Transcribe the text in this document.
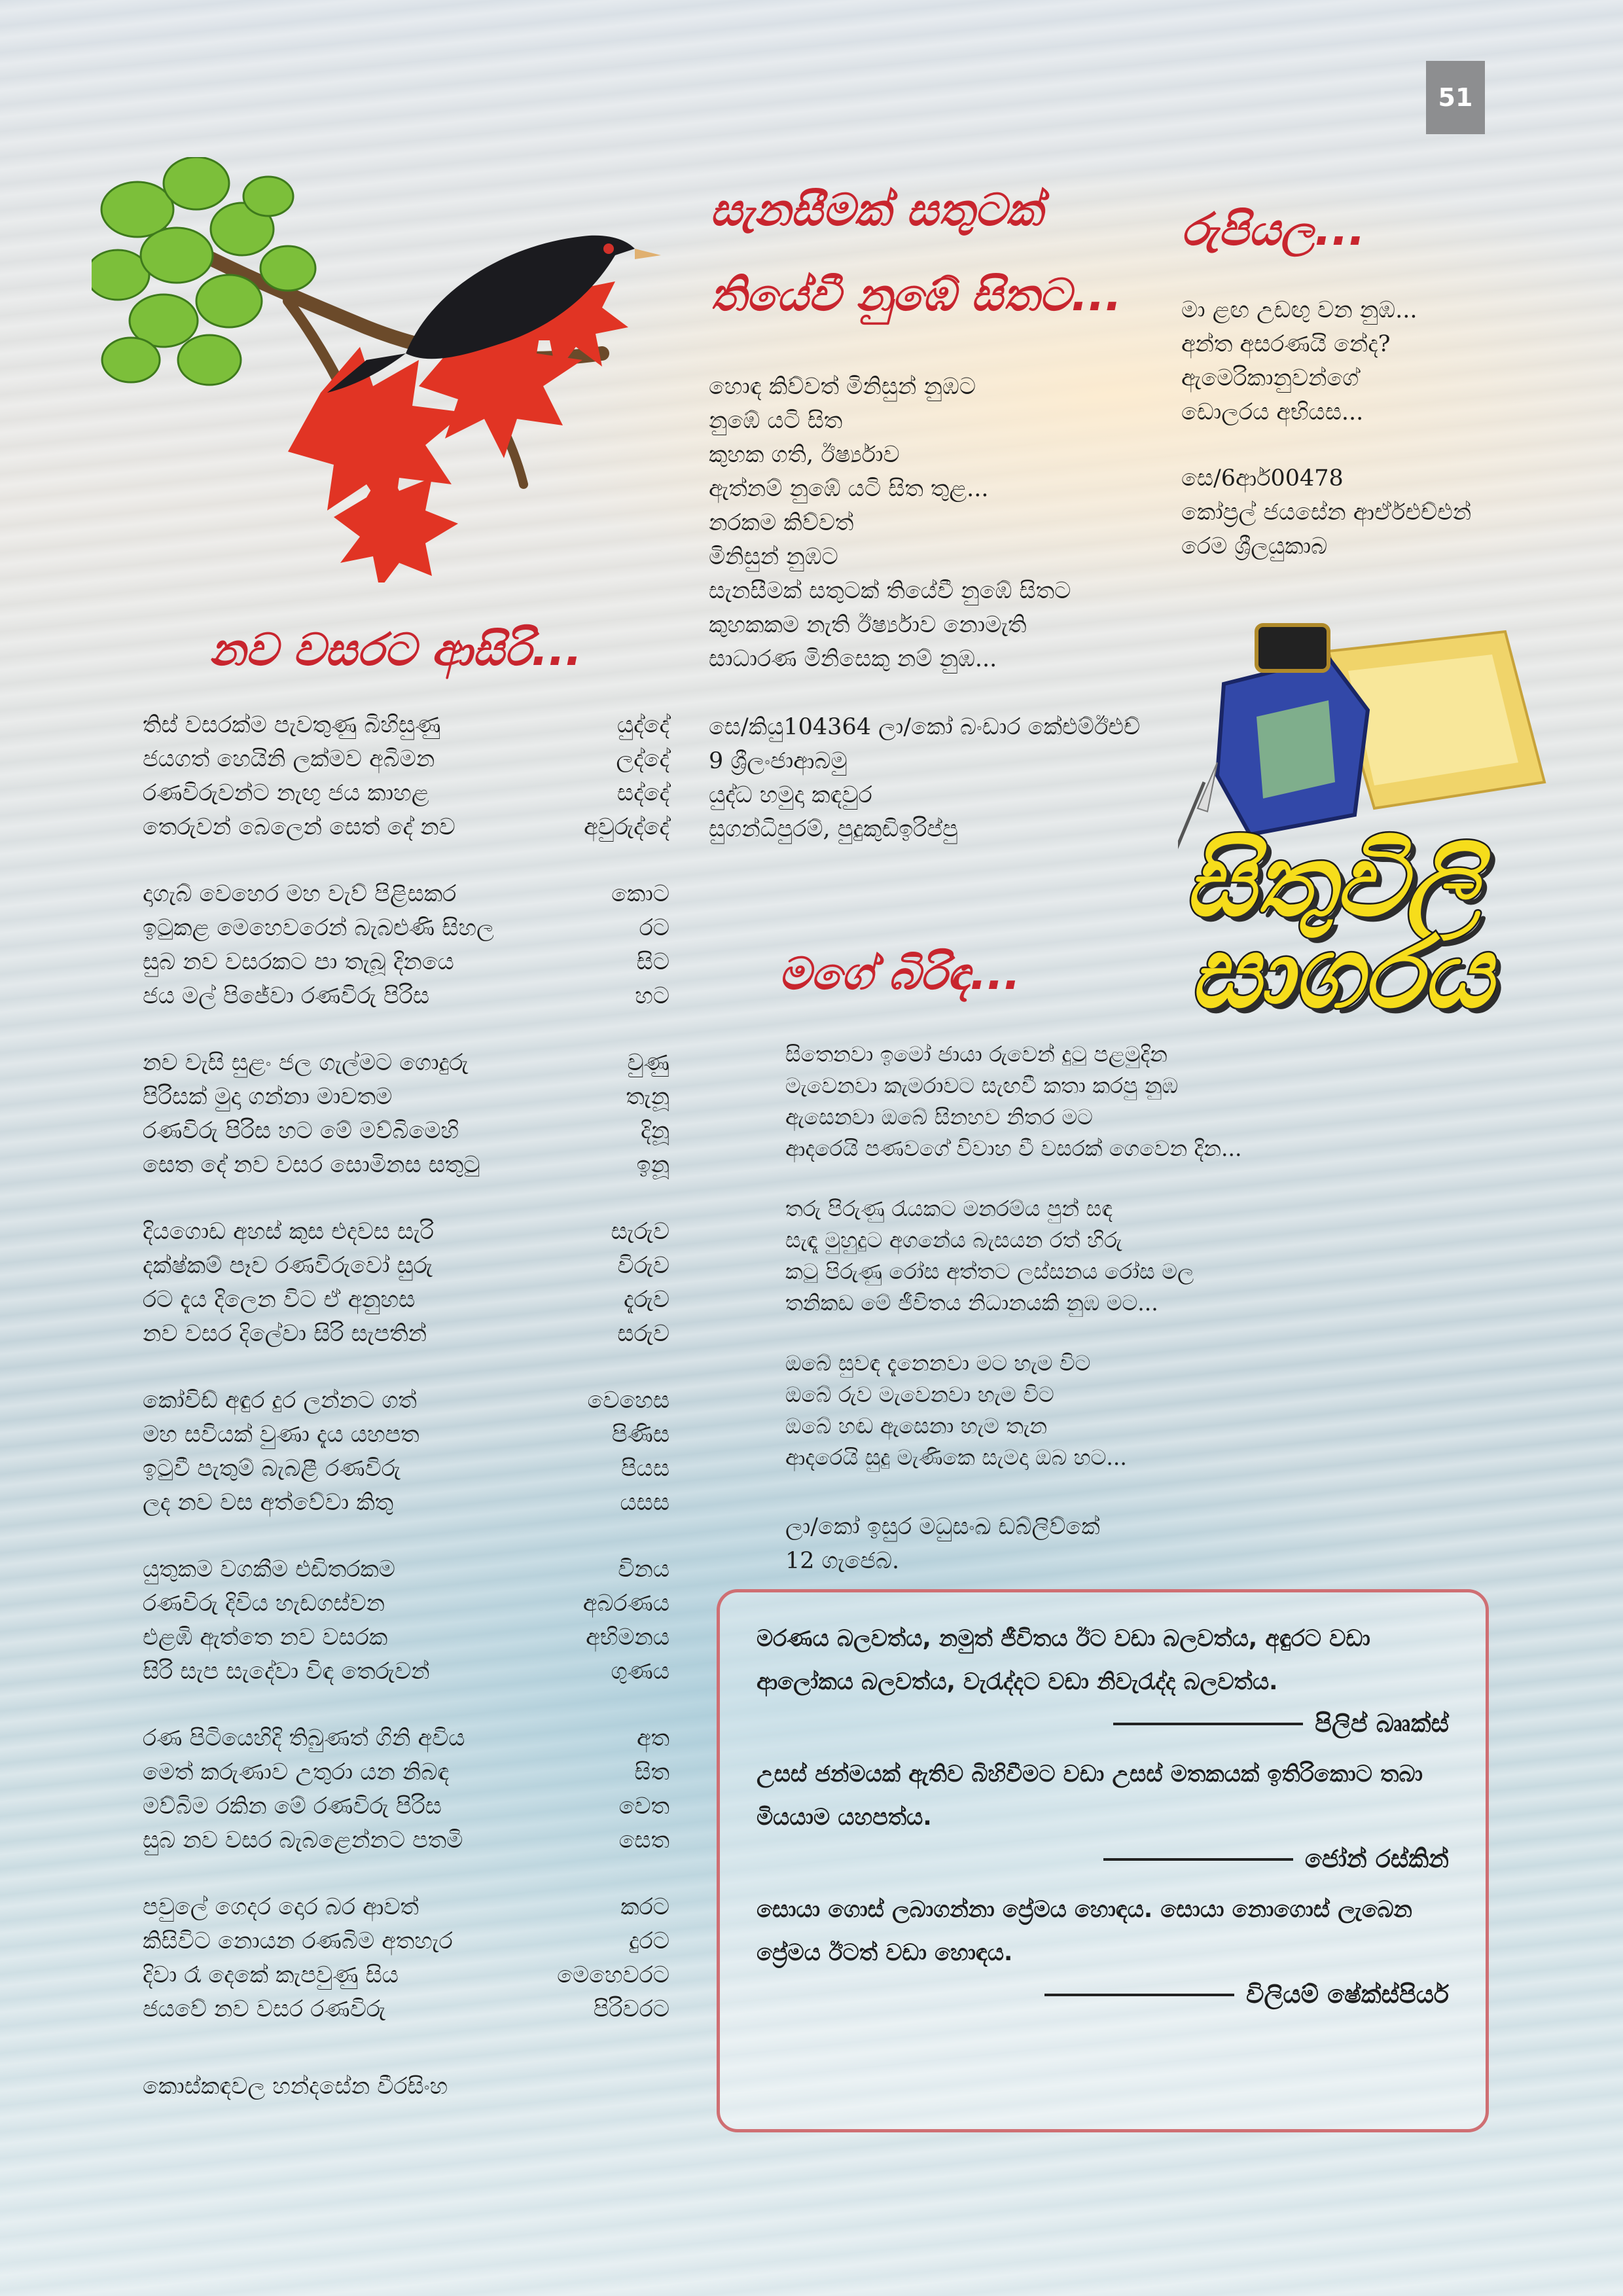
51
නව වසරට ආසිරි...
තිස් වසරක්ම පැවතුණු බිහිසුණු	යුද්දේ
ජයගත් හෙයිනි ලක්මව අබිමන	ලද්දේ
රණවිරුවන්ට නැඟු ජය කාහළ	සද්දේ
තෙරුවන් බෙලෙන් සෙත් දේ නව	අවුරුද්දේ
දාගැබ් වෙහෙර මහ වැව් පිළිසකර	කොට
ඉටුකළ මෙහෙවරෙන් බැබළුණි සිහල	රට
සුබ නව වසරකට පා තැබූ දිනයෙ	සිට
ජය මල් පිජේවා රණවිරු පිරිස	හට
නව වැසි සුළං ජල ගැල්මට ගොදුරු	වුණු
පිරිසක් මුදා ගන්නා මාවතම	තැනූ
රණවිරු පිරිස හට මේ මව්බිමෙහි	දිනූ
සෙත දේ නව වසර සොමිනස සතුටු	ඉනූ
දියගොඩ අහස් කුස එදවස සැරි	සැරුව
දක්ෂ්කම් පෑව රණවිරුවෝ සුරු	විරුව
රට දැය දිලෙන විට ඒ අනුහස	දැරුව
නව වසර දිලේවා සිරි සැපතින්	සරුව
කෝවිඩ් අඳුර දුර ලන්නට ගත්	වෙහෙස
මහ සවියක් වුණා දැය යහපත	පිණිස
ඉටුවී පැතුම් බැබළී රණවිරු	පියස
ලද නව වස අත්වේවා කිතු	යසස
යුතුකම වගකීම එඩිතරකම	විනය
රණවිරු දිවිය හැඩගස්වන	අබරණය
එළඹි ඇත්තෙ නව වසරක	අභිමනය
සිරි සැප සැදේවා විඳ තෙරුවන්	ගුණය
රණ පිටියෙහිදි තිබුණත් ගිනි අවිය	අත
මෙත් කරුණාව උතුරා යන නිබඳ	සිත
මව්බිම රකින මේ රණවිරු පිරිස	වෙත
සුබ නව වසර බැබළෙන්නට පතමි	සෙත
පවුලේ ගෙදර දොර බර ආවත්	කරට
කිසිවිට නොයන රණබිම අතහැර	දුරට
දිවා රෑ දෙකේ කැපවුණු සිය	මෙහෙවරට
ජයවේ නව වසර රණවිරු	පිරිවරට
කොස්කඳවල හන්දසේන වීරසිංහ
සැනසීමක් සතුටක්
තියේවී නුඹේ සිතට...
හොඳ කිව්වත් මිනිසුන් නුඹට
නුඹේ යටි සිත
කුහක ගති, ඊර්ෂ්‍යාව
ඇත්නම් නුඹේ යටි සිත තුළ...
නරකම කිව්වත්
මිනිසුන් නුඹට
සැනසීමක් සතුටක් තියේවී නුඹේ සිතට
කුහකකම නැති ඊර්ෂ්‍යාව නොමැති
සාධාරණ මිනිසෙකු නම් නුඹ...
සෙ/කියු104364 ලා/කෝ බංඩාර කේඑම්ඊඑච්
9 ශ්‍රීලංජාආබමු
යුද්ධ හමුදා කඳවුර
සුගන්ධිපුරම්, පුදුකුඩිඉරිප්පු
රුපියල...
මා ළඟ උඩඟු වන නුඹ...
අන්ත අසරණයි නේද?
ඇමෙරිකානුවන්ගේ
ඩොලරය අභියස...
සෙ/6ආර්00478
කෝප්‍රල් ජයසේන ආර්ඒඑච්එන්
රෙම ශ්‍රීලයුකාබ
සිතුවිලි
සාගරය
මගේ බිරිඳ...
සිතෙනවා ඉමෝ ජායා රුවෙන් දුටු පළමුදින
මැවෙනවා කැමරාවට සැඟවී කතා කරපු නුඹ
ඇසෙනවා ඔබේ සිනහව නිතර මට
ආදරෙයි පණවගේ විවාහ වී වසරක් ගෙවෙන දින...
තරු පිරුණු රැයකට මනරම්ය පුන් සඳ
සැඳෑ මුහුදුට අගනේය බැසයන රත් හිරු
කටු පිරුණු රෝස අත්තට ලස්සනය රෝස මල
තනිකඩ මේ ජීවිතය නිධානයකි නුඹ මට...
ඔබේ සුවඳ දැනෙනවා මට හැම විට
ඔබේ රුව මැවෙනවා හැම විට
ඔබේ හඬ ඇසෙනා හැම තැන
ආදරෙයි සුදු මැණිකෙ සැමදා ඔබ හට...
ලා/කෝ ඉසුර මධුසංඛ ඩබ්ලිව්කේ
12 ගැජෙබ.
මරණය බලවත්ය, නමුත් ජීවිතය ඊට වඩා බලවත්ය, අඳුරට වඩා ආලෝකය බලවත්ය, වැරැද්දට වඩා නිවැරැද්ද බලවත්ය.
පිලිප් බෲක්ස්
උසස් ජන්මයක් ඇතිව බිහිවීමට වඩා උසස් මතකයක් ඉතිරිකොට තබා මියයාම යහපත්ය.
ජෝන් රස්කින්
සොයා ගොස් ලබාගන්නා ප්‍රේමය හොඳය. සොයා නොගොස් ලැබෙන ප්‍රේමය ඊටත් වඩා හොඳය.
විලියම් ෂේක්ස්පියර්
